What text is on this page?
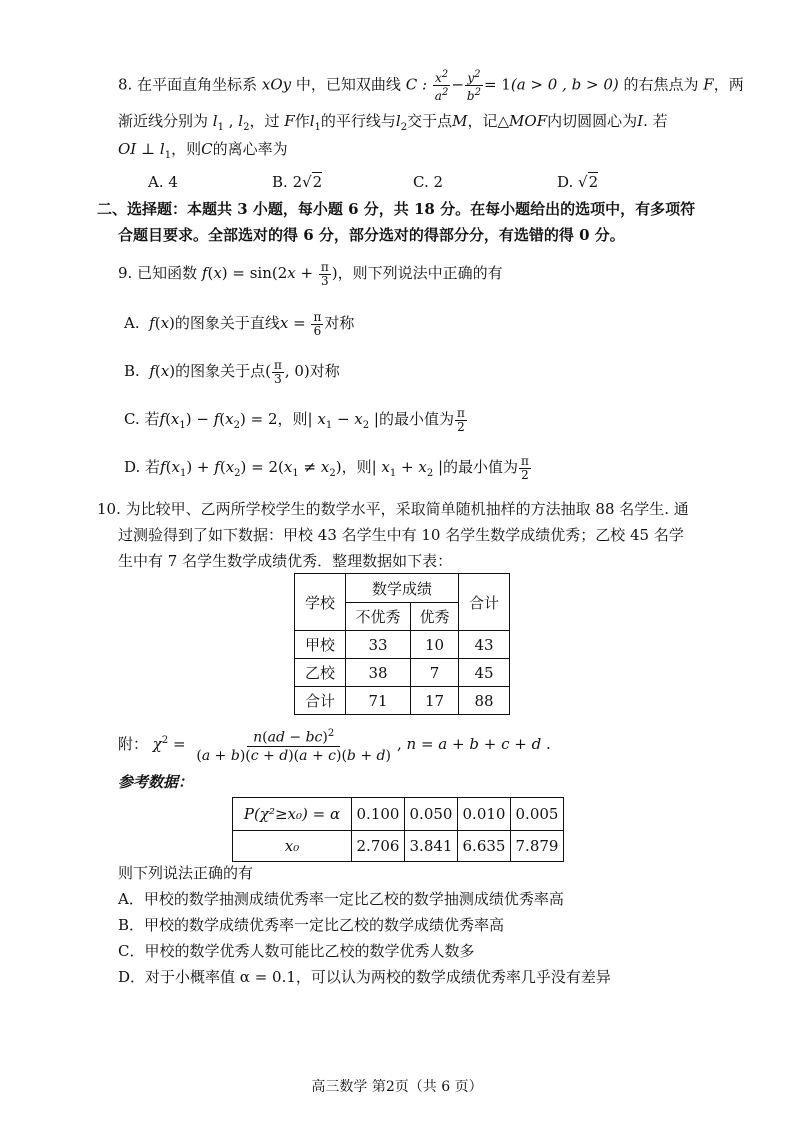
8. 在平面直角坐标系 xOy 中，已知双曲线 C : $\frac{x^2}{a^2} - \frac{y^2}{b^2} = 1(a > 0$ , b > 0) 的右焦点为 F，两
渐近线分别为 $l_1$ , $l_2$，过 F作$l_1$的平行线与$l_2$交于点M，记△MOF内切圆圆心为I. 若
OI ⊥ $l_1$，则C的离心率为
A. 4	B. 2√2	C. 2	D. √2
二、选择题：本题共 3 小题，每小题 6 分，共 18 分。在每小题给出的选项中，有多项符
合题目要求。全部选对的得 6 分，部分选对的得部分分，有选错的得 0 分。
9. 已知函数 $f(x) = \sin(2x + \frac{\pi}{3}$ )，则下列说法中正确的有
A.  f(x)的图象关于直线$x = \frac{\pi}{6}$ 对称
B.  f(x)的图象关于点( $\frac{\pi}{3}$ , 0)对称
C. 若$f(x_1) - f(x_2) = 2$，则| $x_1 - x_2$ |的最小值为 $\frac{\pi}{2}$
D. 若$f(x_1) + f(x_2) = 2(x_1 \ne x_2)$，则| $x_1 + x_2$ |的最小值为 $\frac{\pi}{2}$
10. 为比较甲、乙两所学校学生的数学水平，采取简单随机抽样的方法抽取 88 名学生. 通
过测验得到了如下数据：甲校 43 名学生中有 10 名学生数学成绩优秀；乙校 45 名学
生中有 7 名学生数学成绩优秀．整理数据如下表：
学校	数学成绩		合计
	不优秀	优秀	
甲校	33	10	43
乙校	38	7	45
合计	71	17	88
附： $\chi^2 = \frac{n(ad - bc)^2}{(a + b)(c + d)(a + c)(b + d)}$ , n = a + b + c + d .
参考数据：
P(χ²≥x₀) = α	0.100	0.050	0.010	0.005
x₀	2.706	3.841	6.635	7.879
则下列说法正确的有
A．甲校的数学抽测成绩优秀率一定比乙校的数学抽测成绩优秀率高
B．甲校的数学成绩优秀率一定比乙校的数学成绩优秀率高
C．甲校的数学优秀人数可能比乙校的数学优秀人数多
D．对于小概率值 α = 0.1，可以认为两校的数学成绩优秀率几乎没有差异
高三数学 第2页（共 6 页）
